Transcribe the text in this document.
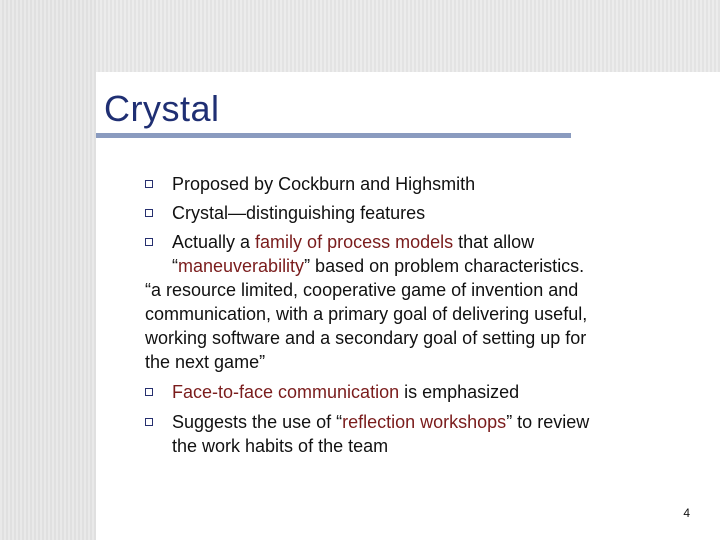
Crystal
Proposed by Cockburn and Highsmith
Crystal—distinguishing features
Actually a family of process models that allow
“maneuverability” based on problem characteristics.
“a resource limited, cooperative game of invention and
communication, with a primary goal of delivering useful,
working software and a secondary goal of setting up for
the next game”
Face-to-face communication is emphasized
Suggests the use of “reflection workshops” to review
the work habits of the team
4
